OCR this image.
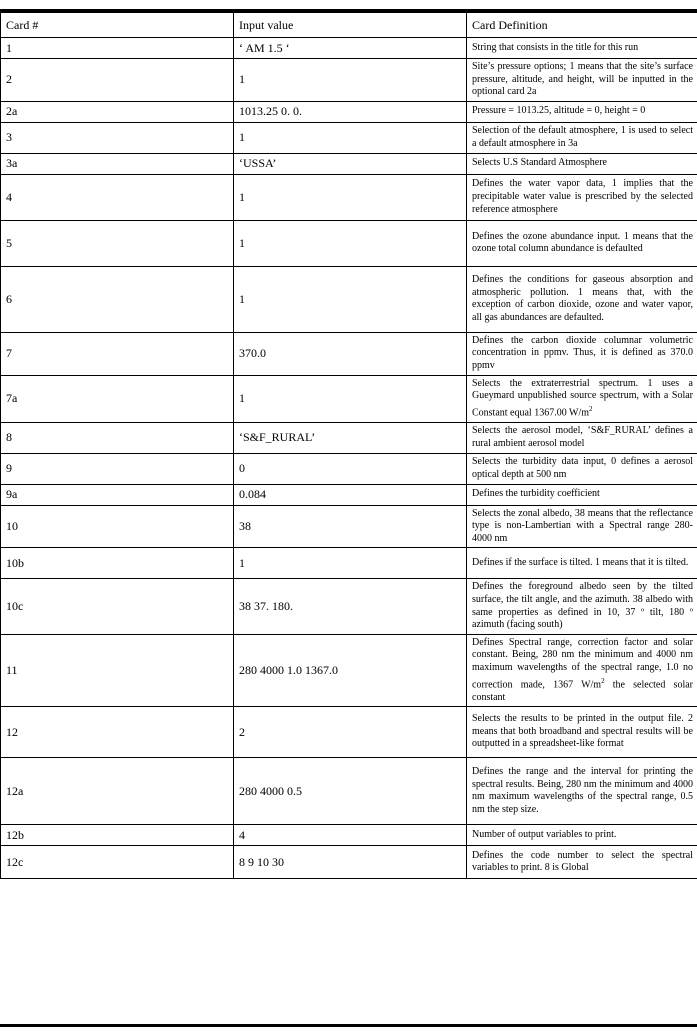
Card #	Input value	Card Definition
1	‘ AM 1.5 ‘	String that consists in the title for this run
2	1	Site’s pressure options; 1 means that the site’s surface pressure, altitude, and height, will be inputted in the optional card 2a
2a	1013.25 0. 0.	Pressure = 1013.25, altitude = 0, height = 0
3	1	Selection of the default atmosphere, 1 is used to select a default atmosphere in 3a
3a	‘USSA’	Selects U.S Standard Atmosphere
4	1	Defines the water vapor data, 1 implies that the precipitable water value is prescribed by the selected reference atmosphere
5	1	Defines the ozone abundance input. 1 means that the ozone total column abundance is defaulted
6	1	Defines the conditions for gaseous absorption and atmospheric pollution. 1 means that, with the exception of carbon dioxide, ozone and water vapor, all gas abundances are defaulted.
7	370.0	Defines the carbon dioxide columnar volumetric concentration in ppmv. Thus, it is defined as 370.0 ppmv
7a	1	Selects the extraterrestrial spectrum. 1 uses a Gueymard unpublished source spectrum, with a Solar Constant equal 1367.00 $W/m^2$
8	‘S&F_RURAL’	Selects the aerosol model, ‘S&F_RURAL’ defines a rural ambient aerosol model
9	0	Selects the turbidity data input, 0 defines a aerosol optical depth at 500 nm
9a	0.084	Defines the turbidity coefficient
10	38	Selects the zonal albedo, 38 means that the reflectance type is non-Lambertian with a Spectral range 280-4000 nm
10b	1	Defines if the surface is tilted. 1 means that it is tilted.
10c	38 37. 180.	Defines the foreground albedo seen by the tilted surface, the tilt angle, and the azimuth. 38 albedo with same properties as defined in 10, 37 º tilt, 180 º azimuth (facing south)
11	280 4000 1.0 1367.0	Defines Spectral range, correction factor and solar constant. Being, 280 nm the minimum and 4000 nm maximum wavelengths of the spectral range, 1.0 no correction made, 1367 $W/m^2$ the selected solar constant
12	2	Selects the results to be printed in the output file. 2 means that both broadband and spectral results will be outputted in a spreadsheet-like format
12a	280 4000 0.5	Defines the range and the interval for printing the spectral results. Being, 280 nm the minimum and 4000 nm maximum wavelengths of the spectral range, 0.5 nm the step size.
12b	4	Number of output variables to print.
12c	8 9 10 30	Defines the code number to select the spectral variables to print. 8 is Global
